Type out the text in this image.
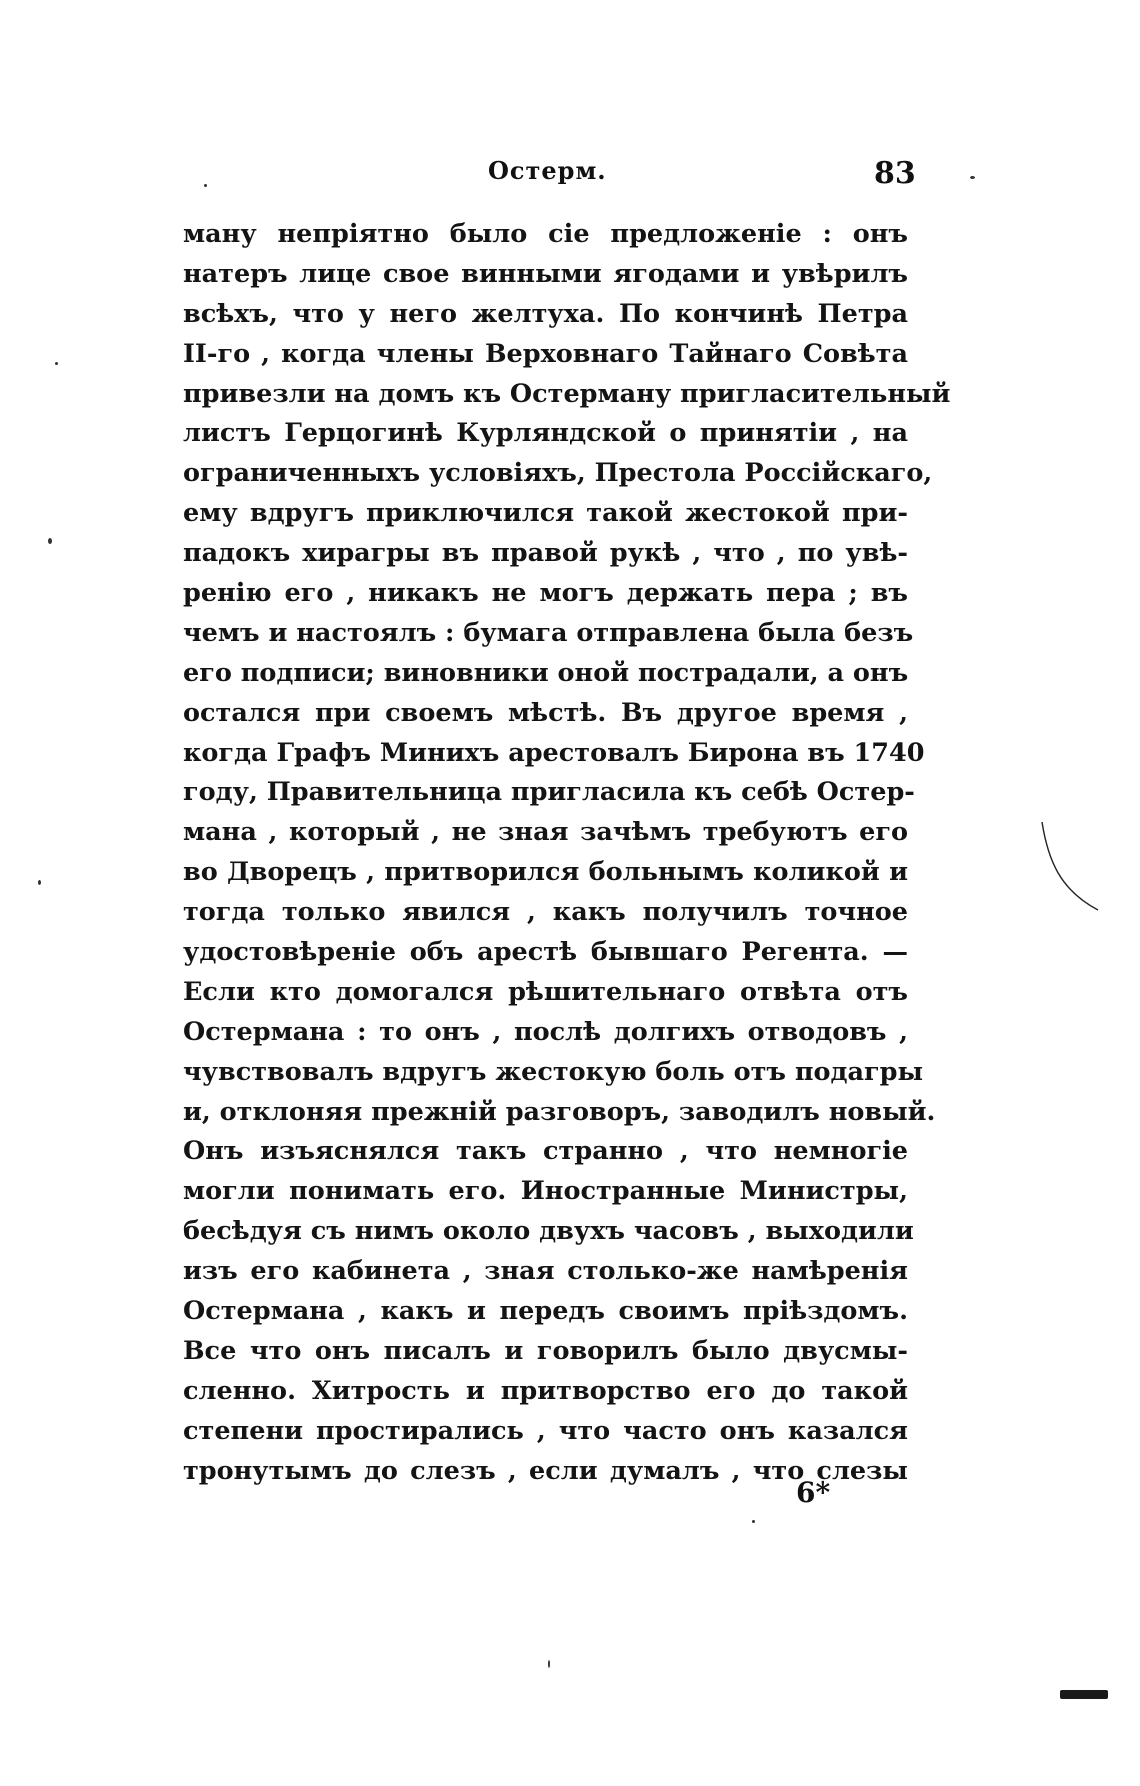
Остерм.	83
ману непріятно было сіе предложеніе : онъ
натеръ лице свое винными ягодами и увѣрилъ
всѣхъ, что у него желтуха. По кончинѣ Петра
II-го , когда члены Верховнаго Тайнаго Совѣта
привезли на домъ къ Остерману пригласительный
листъ Герцогинѣ Курляндской о принятіи , на
ограниченныхъ условіяхъ, Престола Россійскаго,
ему вдругъ приключился такой жестокой при-
падокъ хирагры въ правой рукѣ , что , по увѣ-
ренію его , никакъ не могъ держать пера ; въ
чемъ и настоялъ : бумага отправлена была безъ
его подписи; виновники оной пострадали, а онъ
остался при своемъ мѣстѣ. Въ другое время ,
когда Графъ Минихъ арестовалъ Бирона въ 1740
году, Правительница пригласила къ себѣ Остер-
мана , который , не зная зачѣмъ требуютъ его
во Дворецъ , притворился больнымъ коликой и
тогда только явился , какъ получилъ точное
удостовѣреніе объ арестѣ бывшаго Регента. —
Если кто домогался рѣшительнаго отвѣта отъ
Остермана : то онъ , послѣ долгихъ отводовъ ,
чувствовалъ вдругъ жестокую боль отъ подагры
и, отклоняя прежній разговоръ, заводилъ новый.
Онъ изъяснялся такъ странно , что немногіе
могли понимать его. Иностранные Министры,
бесѣдуя съ нимъ около двухъ часовъ , выходили
изъ его кабинета , зная столько-же намѣренія
Остермана , какъ и передъ своимъ пріѣздомъ.
Все что онъ писалъ и говорилъ было двусмы-
сленно. Хитрость и притворство его до такой
степени простирались , что часто онъ казался
тронутымъ до слезъ , если думалъ , что слезы
6*
